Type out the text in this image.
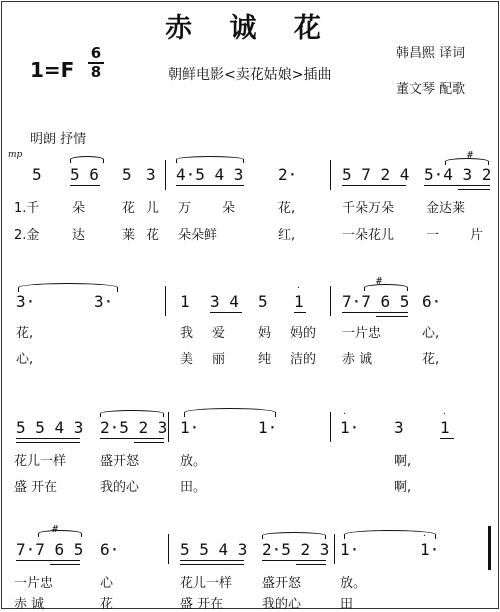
赤 诚 花
1=F
6
8	朝鲜电影<卖花姑娘>插曲
韩昌熙 译词
董文琴 配歌
明朗 抒情
mp
5 5 6 5 3 4·5 4 3 2·	5 7 2 4 5·4 3 2
#
1.千	朵	花 儿 万 朵	花,	千朵万朵 金达莱
2.金	达	莱 花 朵朵鲜	红,	一朵花儿 一 片
3·	3·	1 3 4 5 1
·
7·7 6 5 6·
#
花,	我 爱	妈 妈的 一片忠	心,
心,	美 丽	纯 洁的 赤 诚	花,
5 5 4 3 2·5 2 3 1·	1·	1· 3 1
·	·
花儿一样	盛开怒	放。	啊,
盛 开在	我的心	田。	啊,
7·7 6 5 6·	5 5 4 3 2·5 2 3 1·	1·
·	·
#
一片忠	心	花儿一样 盛开怒	放。
赤 诚	花	盛 开在	我的心	田
